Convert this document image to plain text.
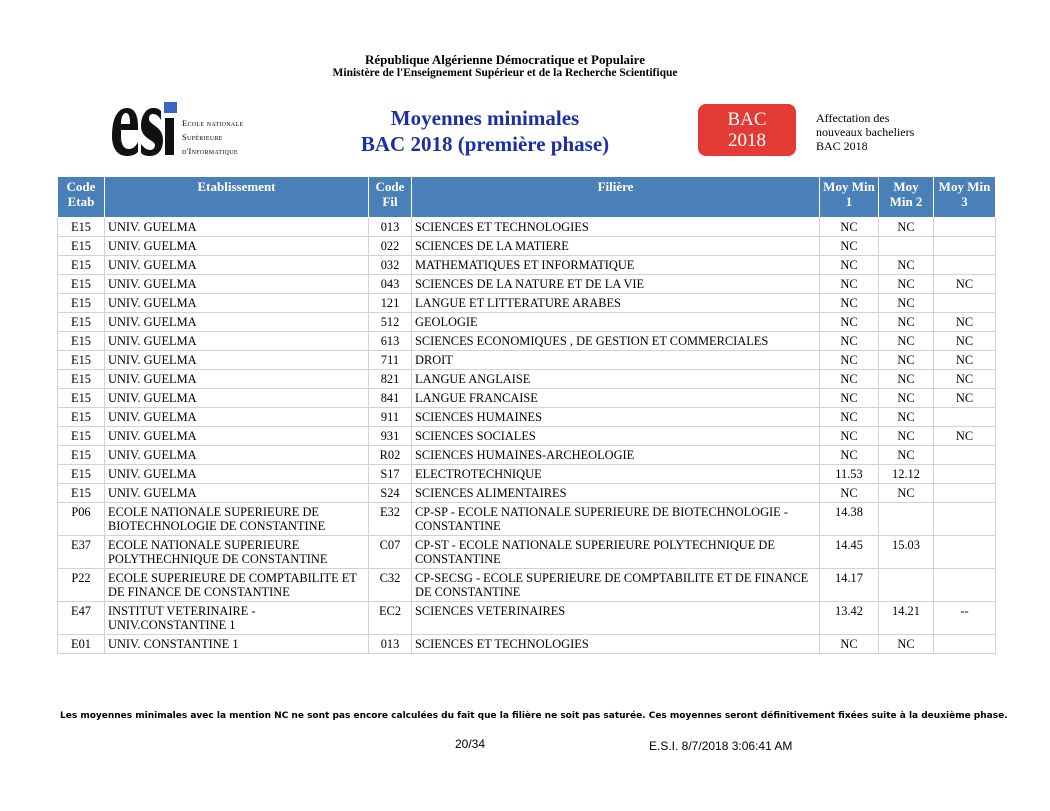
République Algérienne Démocratique et Populaire
Ministère de l'Enseignement Supérieur et de la Recherche Scientifique
Ecole nationale
Supérieure
d'Informatique
Moyennes minimales
BAC 2018 (première phase)
BAC
2018
Affectation des
nouveaux bacheliers
BAC 2018
Code Etab	Etablissement	Code Fil	Filière	Moy Min 1	Moy Min 2	Moy Min 3
E15	UNIV. GUELMA	013	SCIENCES ET TECHNOLOGIES	NC	NC	
E15	UNIV. GUELMA	022	SCIENCES DE LA MATIERE	NC		
E15	UNIV. GUELMA	032	MATHEMATIQUES ET INFORMATIQUE	NC	NC	
E15	UNIV. GUELMA	043	SCIENCES DE LA NATURE ET DE LA VIE	NC	NC	NC
E15	UNIV. GUELMA	121	LANGUE ET LITTERATURE ARABES	NC	NC	
E15	UNIV. GUELMA	512	GEOLOGIE	NC	NC	NC
E15	UNIV. GUELMA	613	SCIENCES ECONOMIQUES , DE GESTION ET COMMERCIALES	NC	NC	NC
E15	UNIV. GUELMA	711	DROIT	NC	NC	NC
E15	UNIV. GUELMA	821	LANGUE ANGLAISE	NC	NC	NC
E15	UNIV. GUELMA	841	LANGUE FRANCAISE	NC	NC	NC
E15	UNIV. GUELMA	911	SCIENCES HUMAINES	NC	NC	
E15	UNIV. GUELMA	931	SCIENCES SOCIALES	NC	NC	NC
E15	UNIV. GUELMA	R02	SCIENCES HUMAINES-ARCHEOLOGIE	NC	NC	
E15	UNIV. GUELMA	S17	ELECTROTECHNIQUE	11.53	12.12	
E15	UNIV. GUELMA	S24	SCIENCES ALIMENTAIRES	NC	NC	
P06	ECOLE NATIONALE SUPERIEURE DE BIOTECHNOLOGIE DE CONSTANTINE	E32	CP-SP - ECOLE NATIONALE SUPERIEURE DE BIOTECHNOLOGIE - CONSTANTINE	14.38		
E37	ECOLE NATIONALE SUPERIEURE POLYTHECHNIQUE DE CONSTANTINE	C07	CP-ST - ECOLE NATIONALE SUPERIEURE POLYTECHNIQUE DE CONSTANTINE	14.45	15.03	
P22	ECOLE SUPERIEURE DE COMPTABILITE ET DE FINANCE DE CONSTANTINE	C32	CP-SECSG - ECOLE SUPERIEURE DE COMPTABILITE ET DE FINANCE DE CONSTANTINE	14.17		
E47	INSTITUT VETERINAIRE - UNIV.CONSTANTINE 1	EC2	SCIENCES VETERINAIRES	13.42	14.21	--
E01	UNIV. CONSTANTINE 1	013	SCIENCES ET TECHNOLOGIES	NC	NC	
Les moyennes minimales avec la mention NC ne sont pas encore calculées du fait que la filière ne soit pas saturée. Ces moyennes seront définitivement fixées suite à la deuxième phase.
20/34	E.S.I. 8/7/2018 3:06:41 AM
